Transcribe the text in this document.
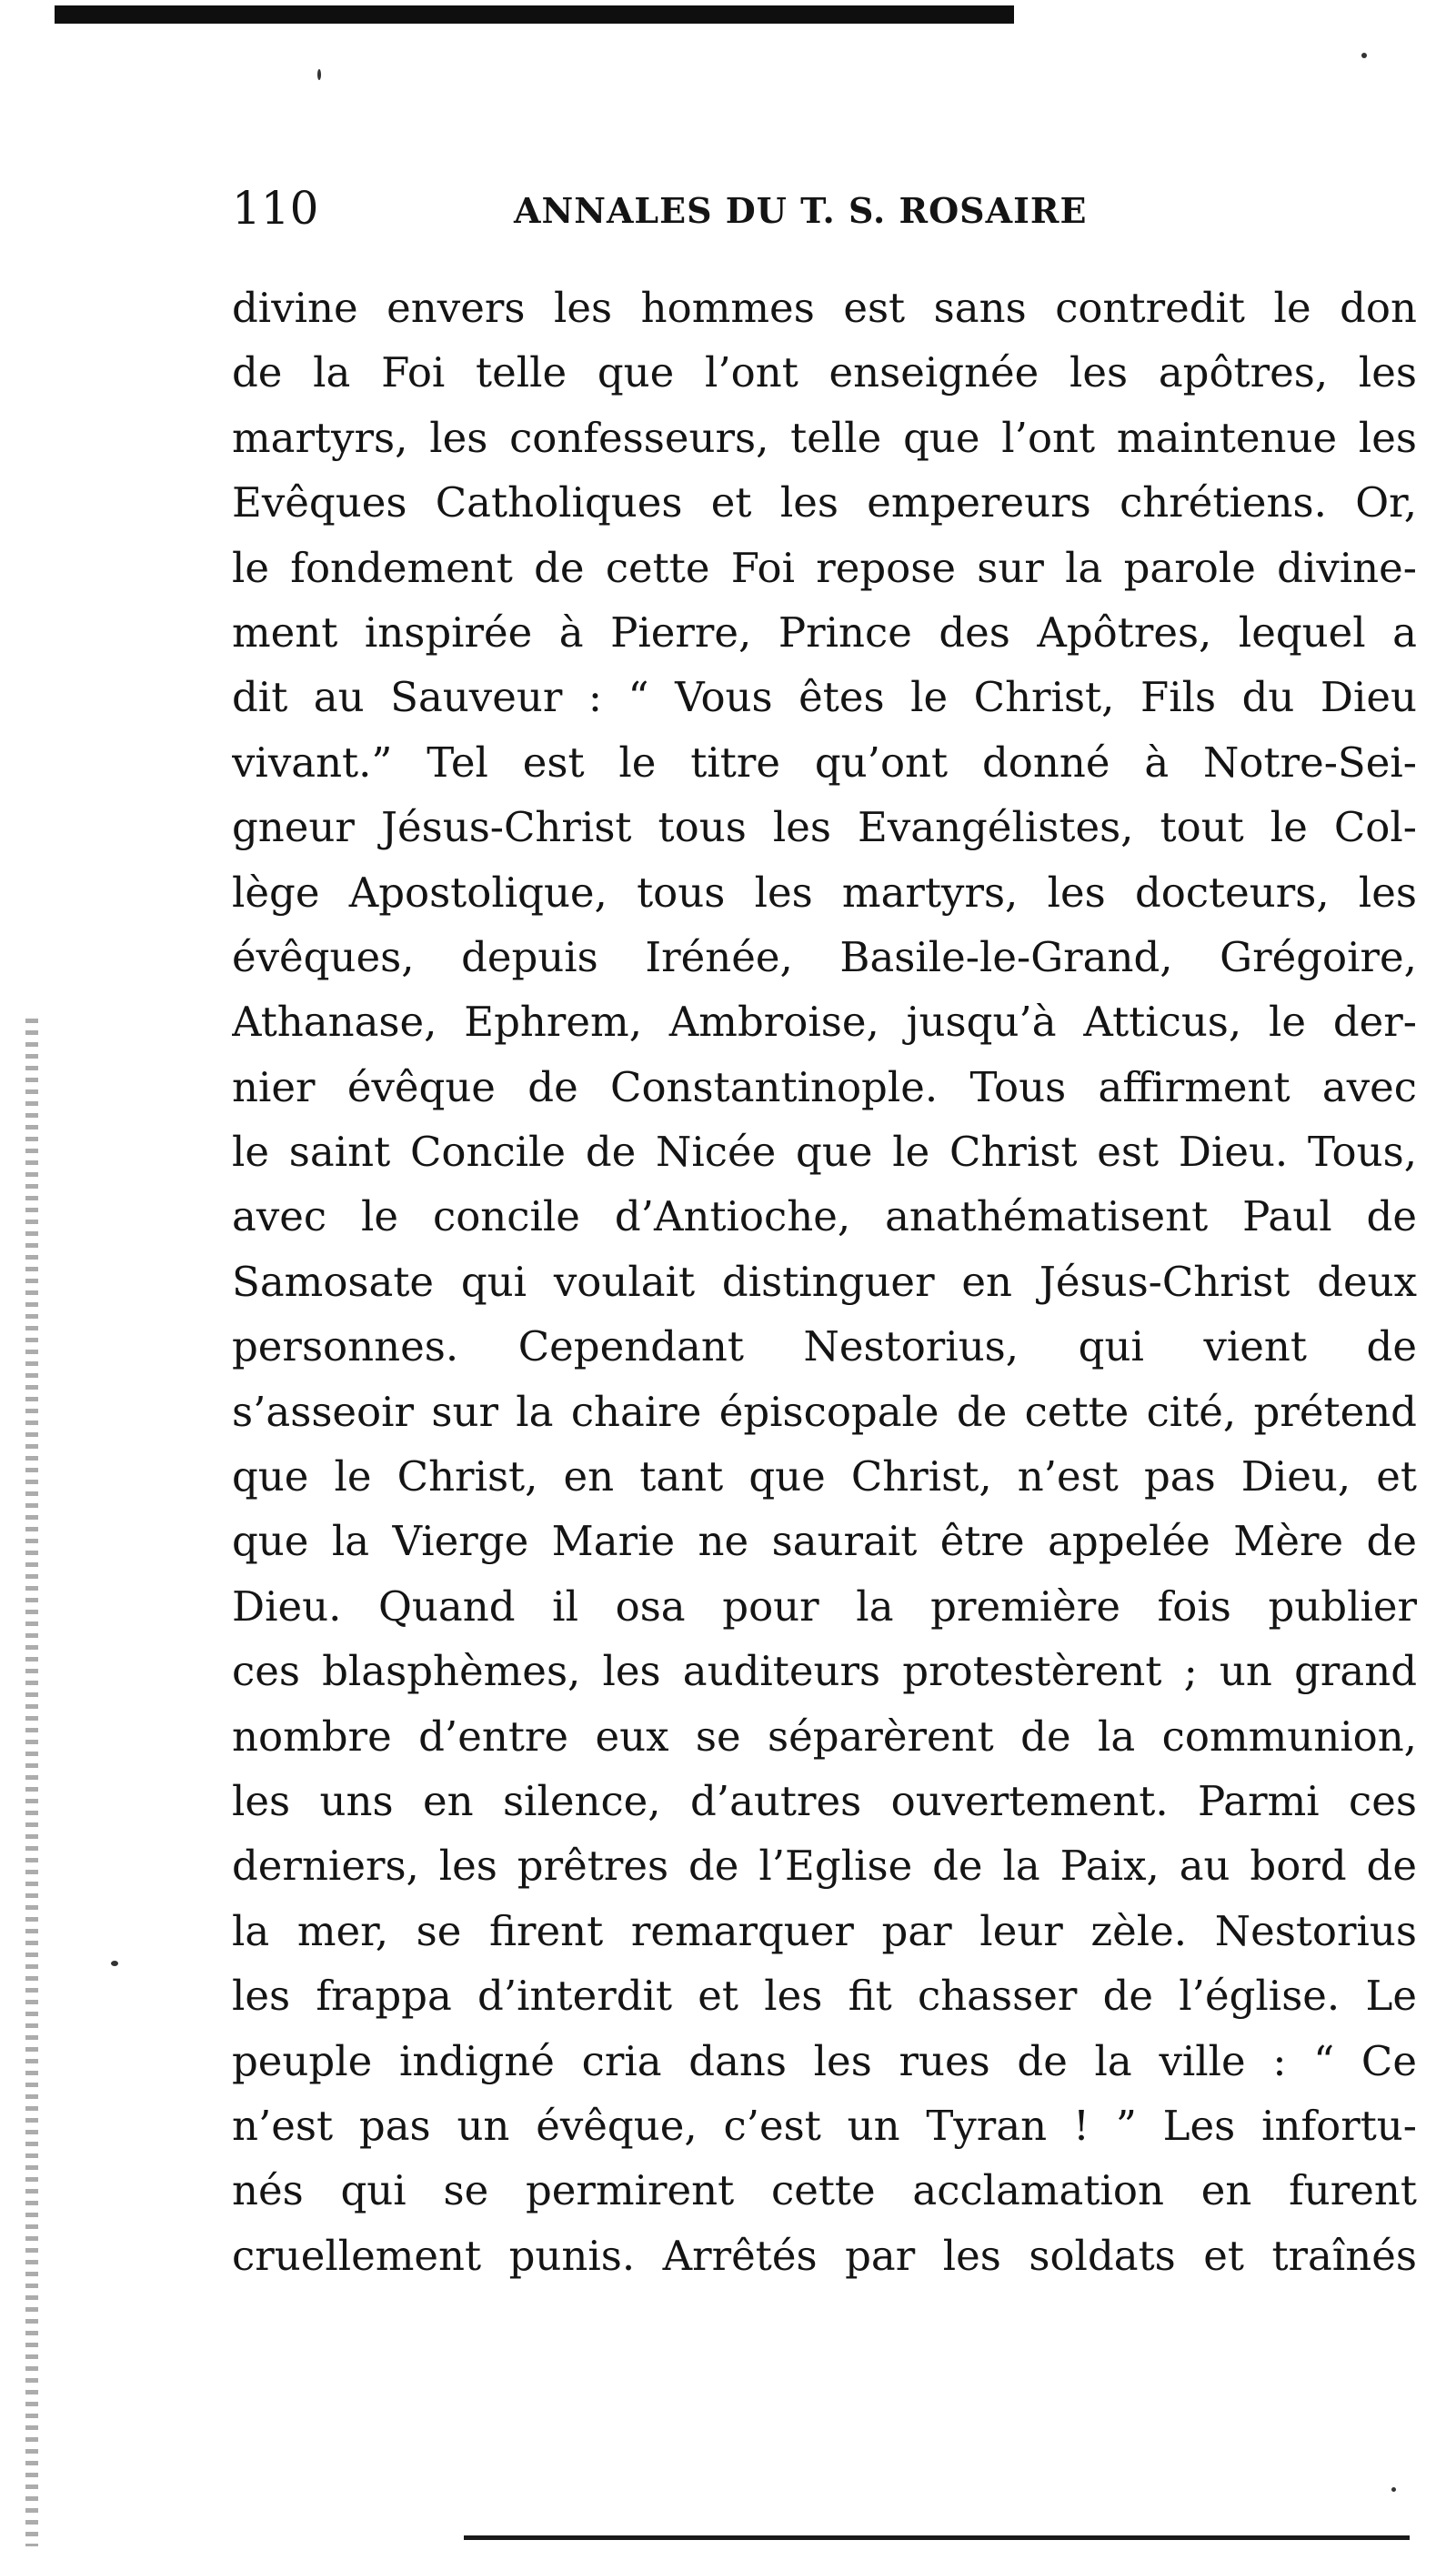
110	ANNALES DU T. S. ROSAIRE
divine envers les hommes est sans contredit le don
de la Foi telle que l’ont enseignée les apôtres, les
martyrs, les confesseurs, telle que l’ont maintenue les
Evêques Catholiques et les empereurs chrétiens. Or,
le fondement de cette Foi repose sur la parole divine-
ment inspirée à Pierre, Prince des Apôtres, lequel a
dit au Sauveur : “ Vous êtes le Christ, Fils du Dieu
vivant.” Tel est le titre qu’ont donné à Notre-Sei-
gneur Jésus-Christ tous les Evangélistes, tout le Col-
lège Apostolique, tous les martyrs, les docteurs, les
évêques, depuis Irénée, Basile-le-Grand, Grégoire,
Athanase, Ephrem, Ambroise, jusqu’à Atticus, le der-
nier évêque de Constantinople. Tous affirment avec
le saint Concile de Nicée que le Christ est Dieu. Tous,
avec le concile d’Antioche, anathématisent Paul de
Samosate qui voulait distinguer en Jésus-Christ deux
personnes. Cependant Nestorius, qui vient de
s’asseoir sur la chaire épiscopale de cette cité, prétend
que le Christ, en tant que Christ, n’est pas Dieu, et
que la Vierge Marie ne saurait être appelée Mère de
Dieu. Quand il osa pour la première fois publier
ces blasphèmes, les auditeurs protestèrent ; un grand
nombre d’entre eux se séparèrent de la communion,
les uns en silence, d’autres ouvertement. Parmi ces
derniers, les prêtres de l’Eglise de la Paix, au bord de
la mer, se firent remarquer par leur zèle. Nestorius
les frappa d’interdit et les fit chasser de l’église. Le
peuple indigné cria dans les rues de la ville : “ Ce
n’est pas un évêque, c’est un Tyran ! ” Les infortu-
nés qui se permirent cette acclamation en furent
cruellement punis. Arrêtés par les soldats et traînés
